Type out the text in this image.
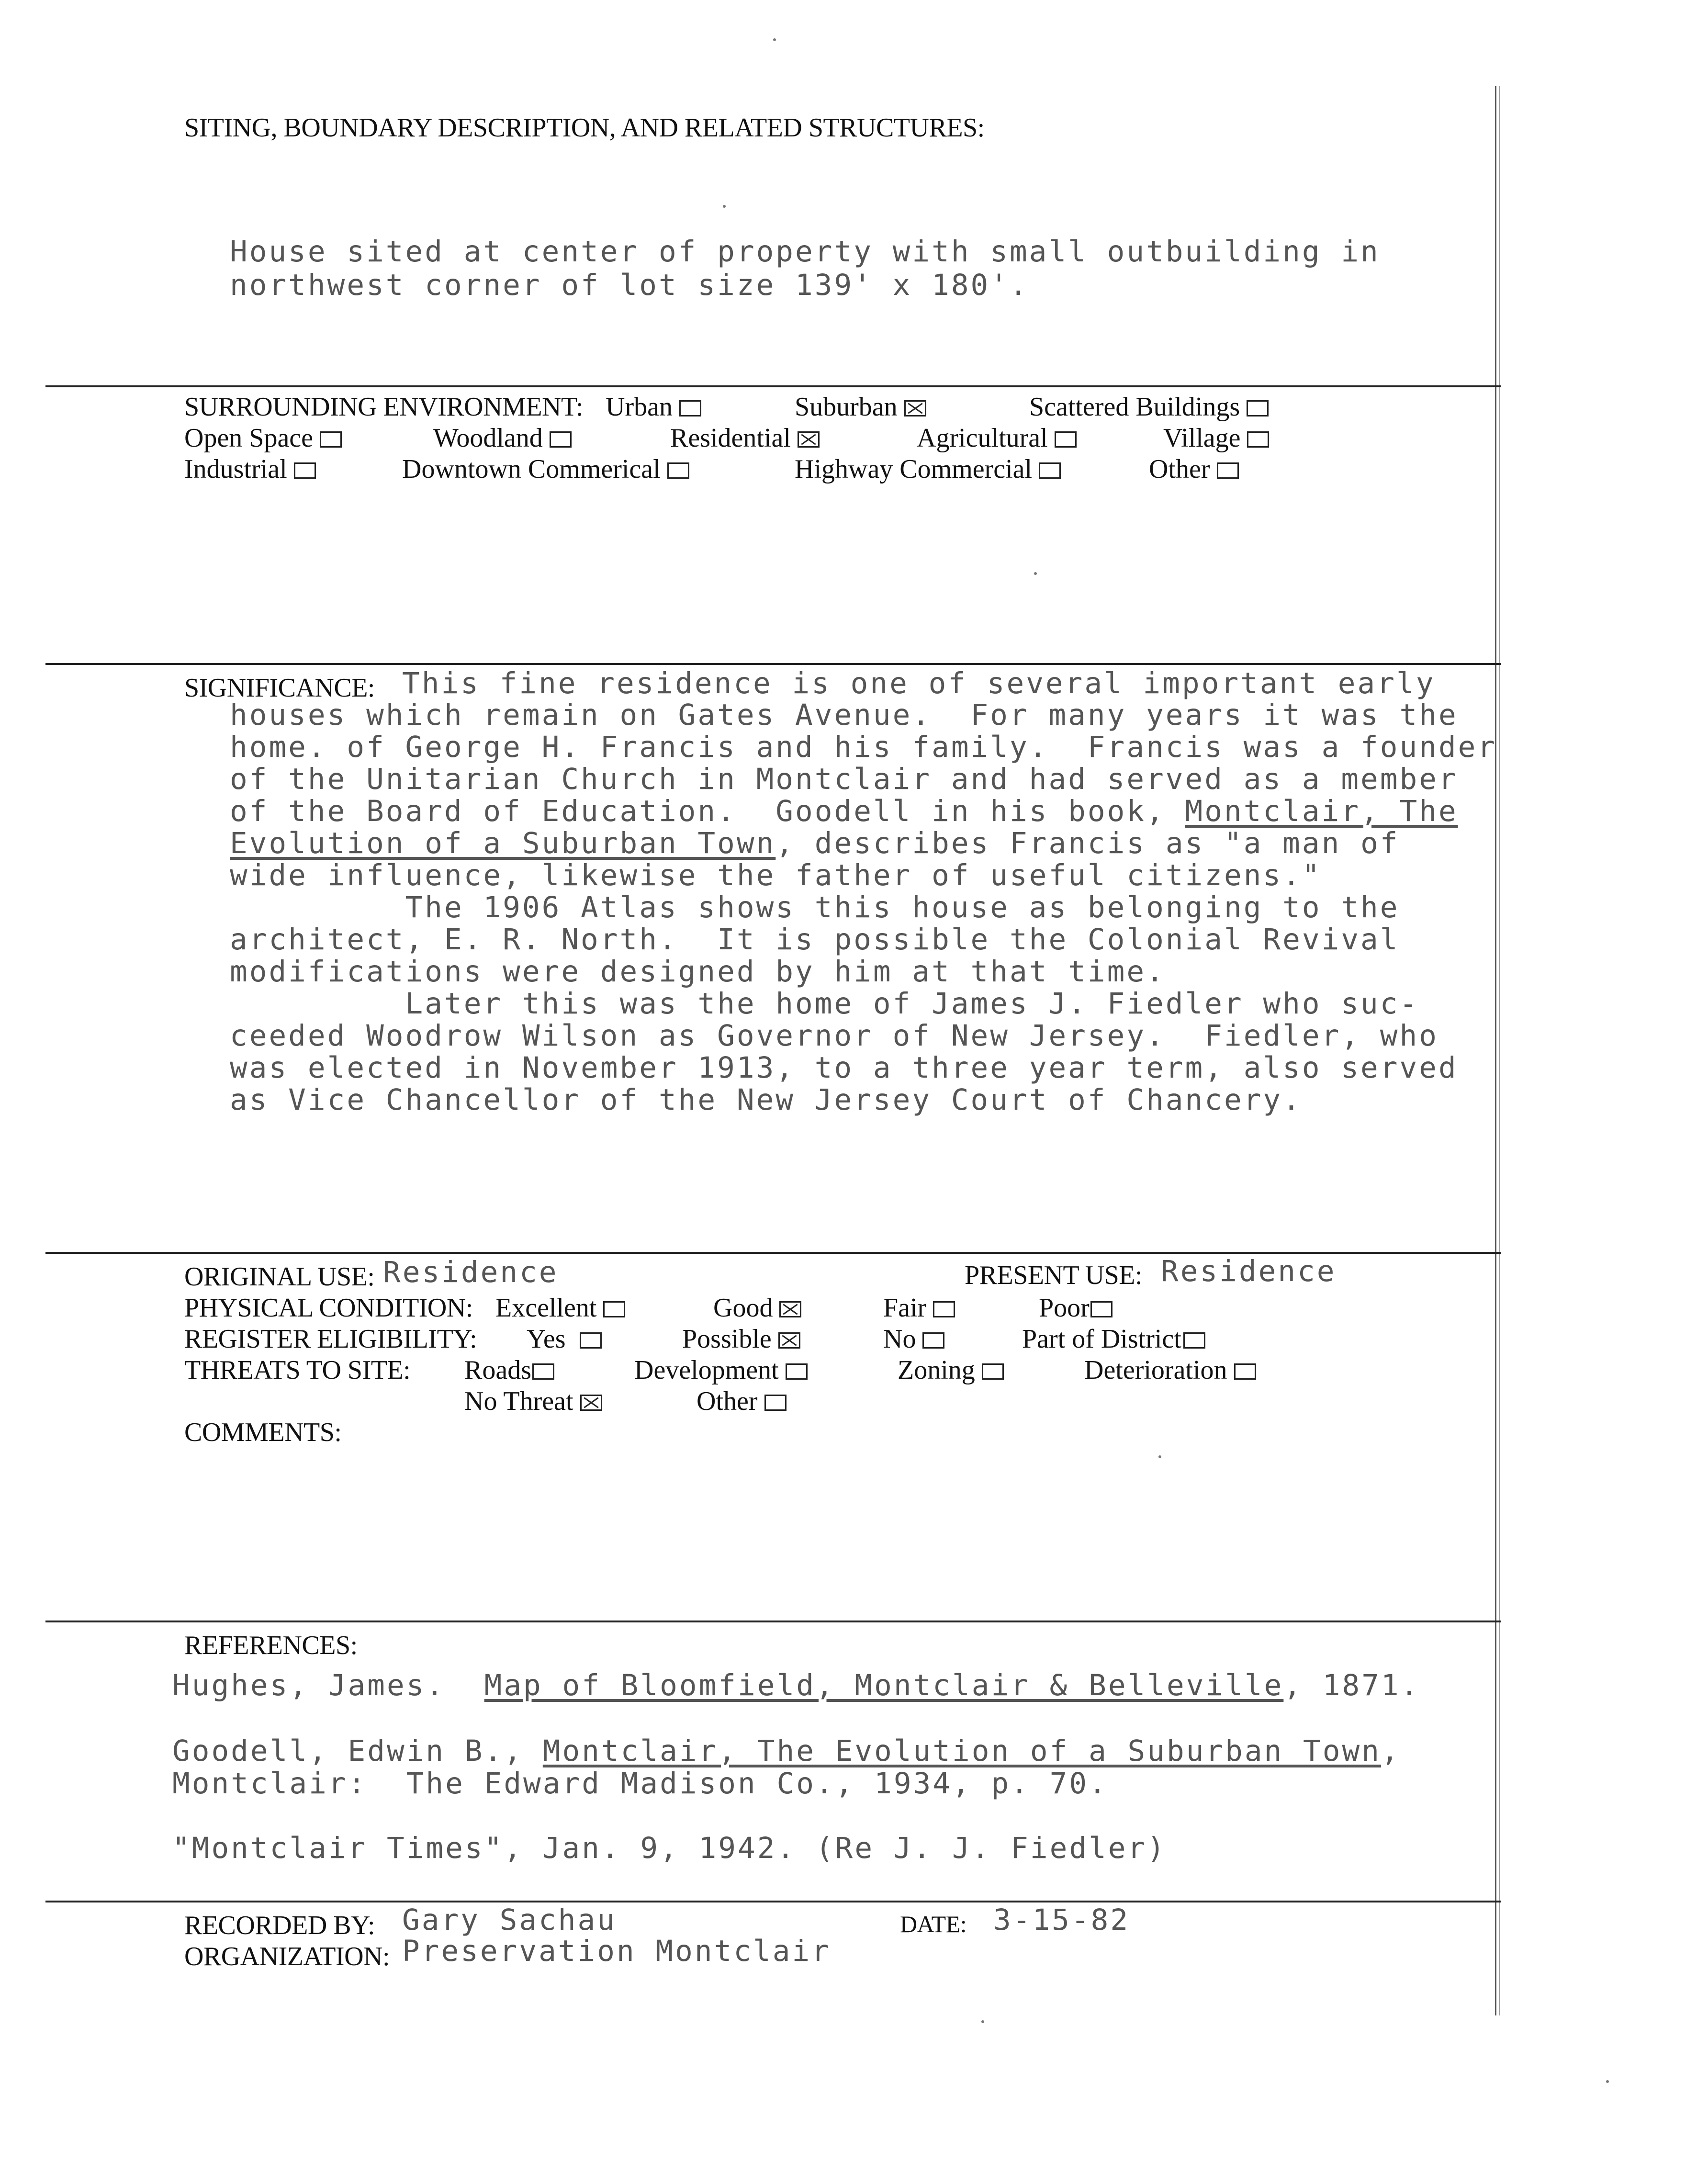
SITING, BOUNDARY DESCRIPTION, AND RELATED STRUCTURES:
House sited at center of property with small outbuilding in
northwest corner of lot size 139' x 180'.
SURROUNDING ENVIRONMENT: Urban	Suburban	Scattered Buildings
Open Space	Woodland	Residential	Agricultural	Village
Industrial	Downtown Commerical	Highway Commercial	Other
SIGNIFICANCE: This fine residence is one of several important early
houses which remain on Gates Avenue.  For many years it was the
home. of George H. Francis and his family.  Francis was a founder
of the Unitarian Church in Montclair and had served as a member
of the Board of Education.  Goodell in his book, Montclair, The
Evolution of a Suburban Town, describes Francis as "a man of
wide influence, likewise the father of useful citizens."
The 1906 Atlas shows this house as belonging to the
architect, E. R. North.  It is possible the Colonial Revival
modifications were designed by him at that time.
Later this was the home of James J. Fiedler who suc-
ceeded Woodrow Wilson as Governor of New Jersey.  Fiedler, who
was elected in November 1913, to a three year term, also served
as Vice Chancellor of the New Jersey Court of Chancery.
ORIGINAL USE: Residence	PRESENT USE: Residence
PHYSICAL CONDITION: Excellent	Good	Fair	Poor
REGISTER ELIGIBILITY: Yes	Possible	No	Part of District
THREATS TO SITE: Roads	Development	Zoning	Deterioration
No Threat	Other
COMMENTS:
REFERENCES:
Hughes, James.  Map of Bloomfield, Montclair & Belleville, 1871.
Goodell, Edwin B., Montclair, The Evolution of a Suburban Town,
Montclair:  The Edward Madison Co., 1934, p. 70.
"Montclair Times", Jan. 9, 1942. (Re J. J. Fiedler)
RECORDED BY: Gary Sachau	DATE: 3-15-82
ORGANIZATION: Preservation Montclair
